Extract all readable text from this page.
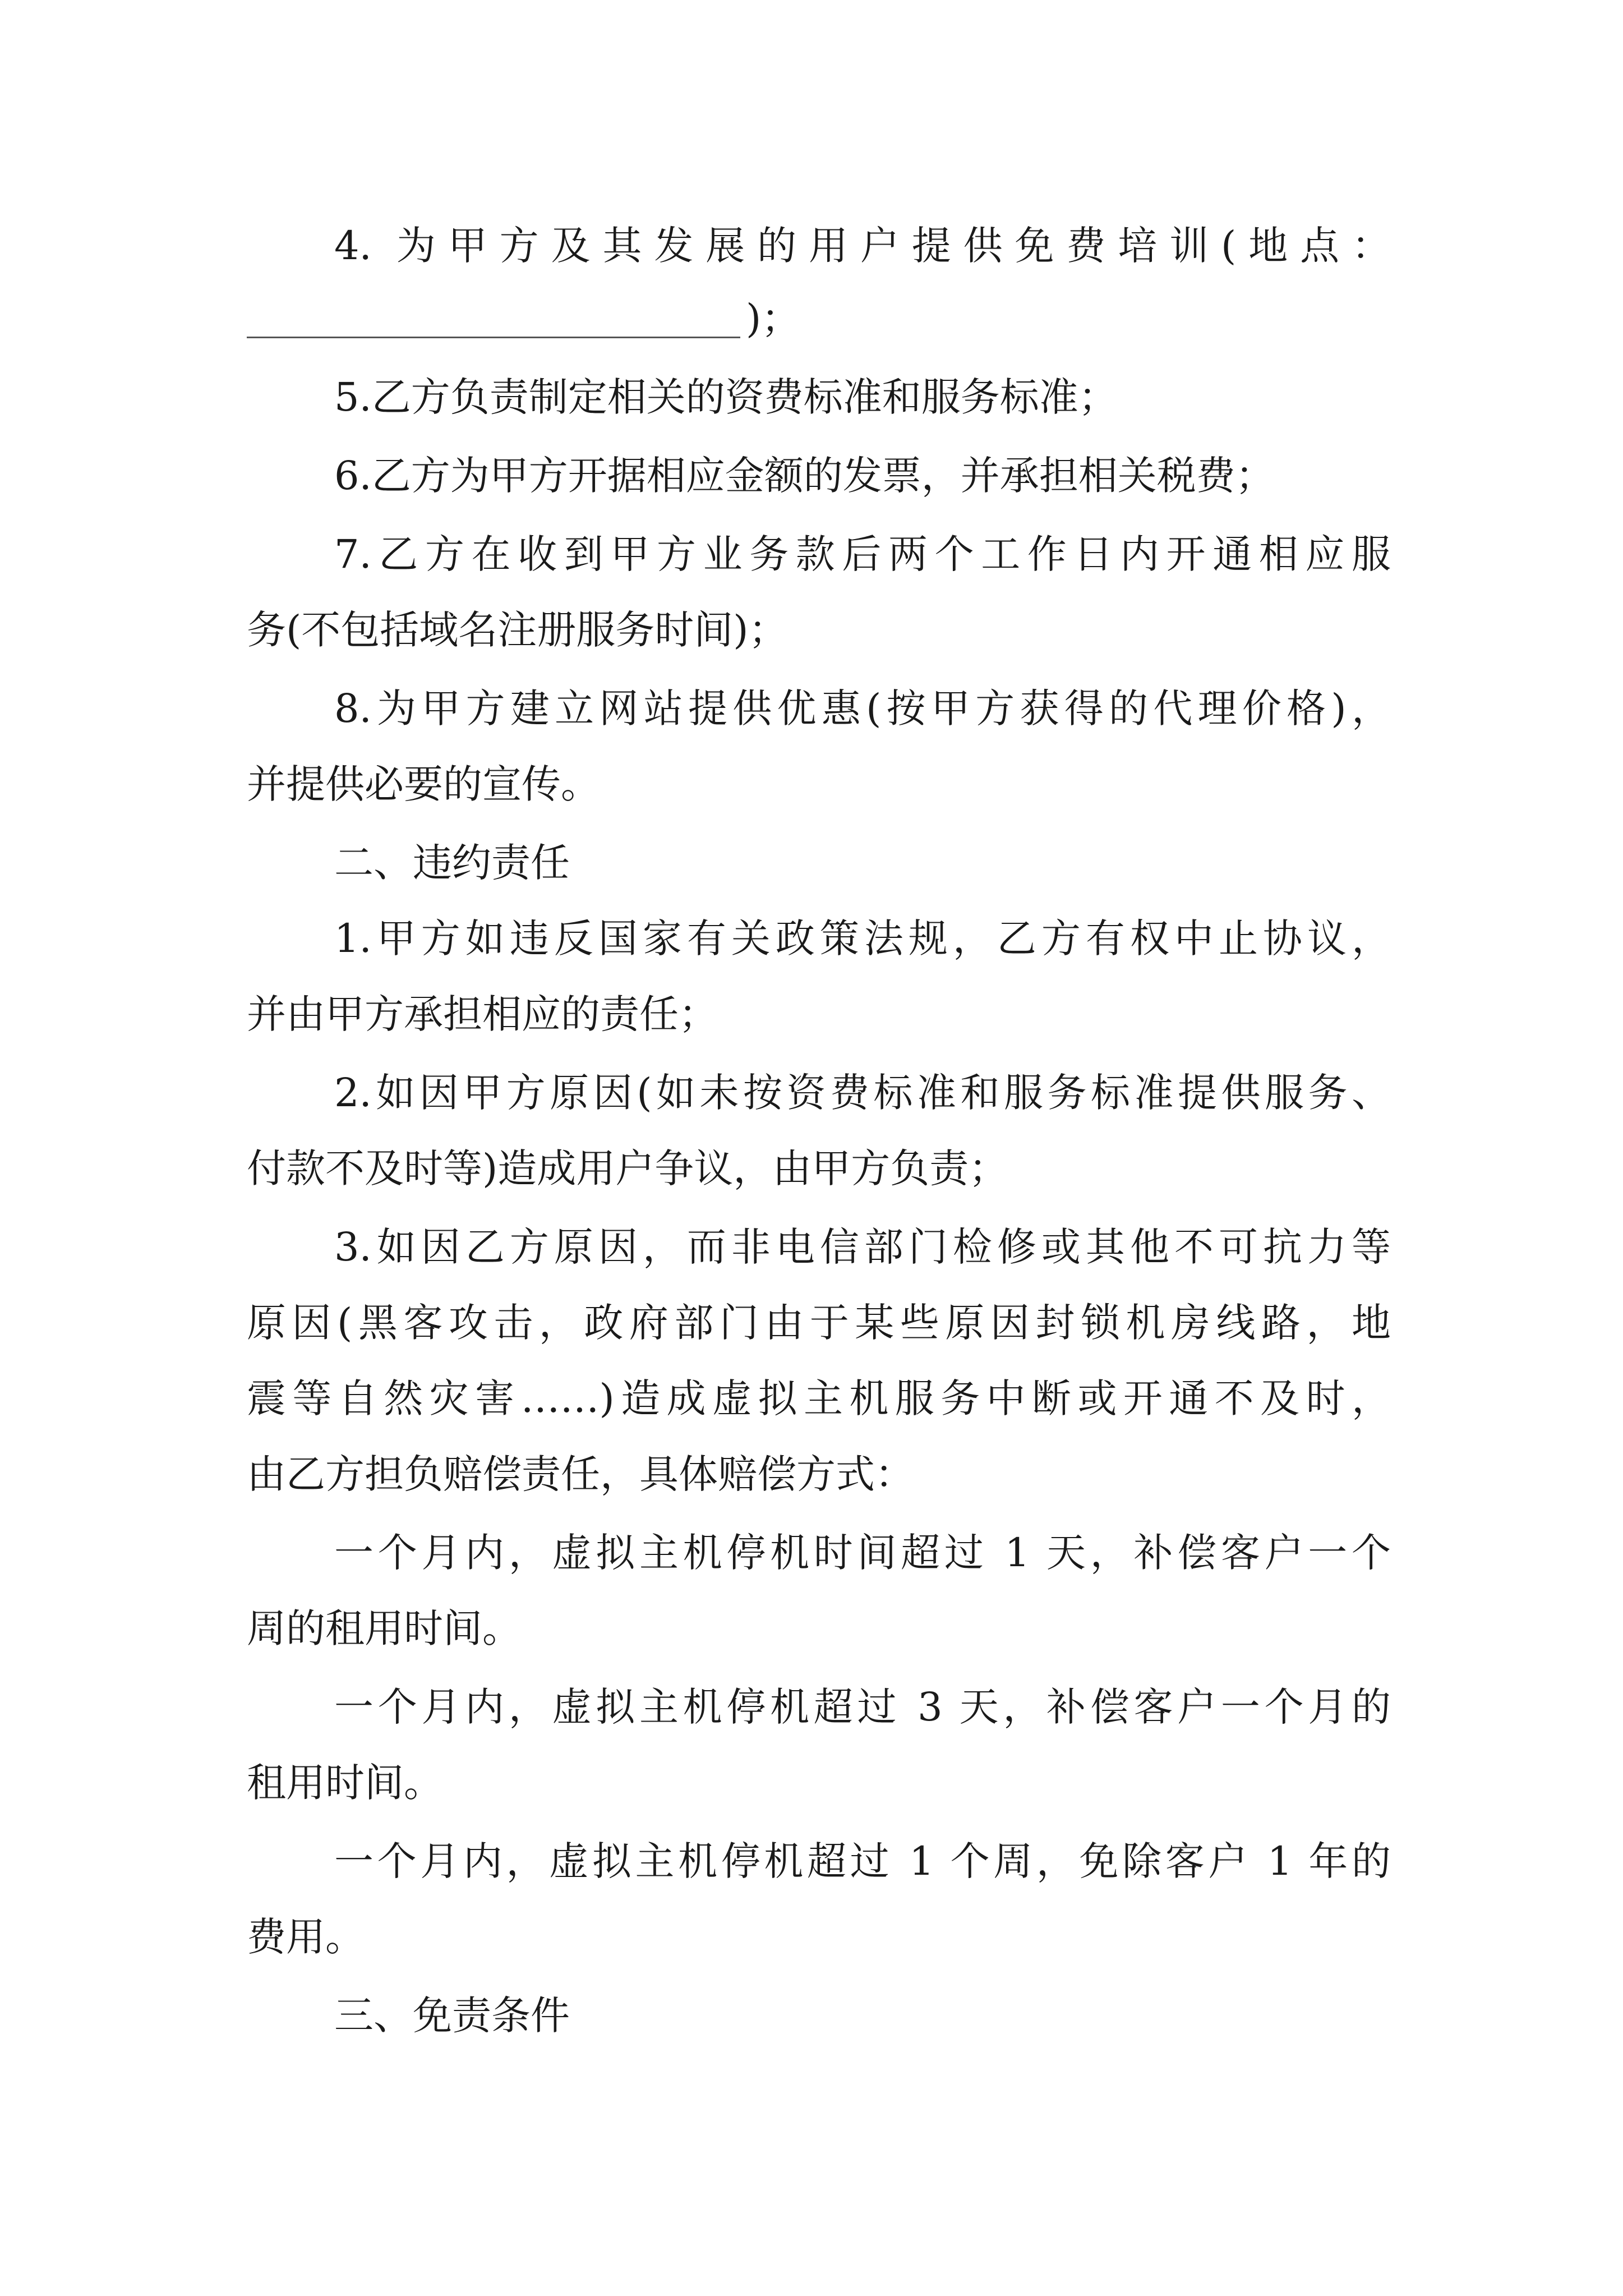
4. 为甲方及其发展的用户提供免费培训(地点：
)；
5.乙方负责制定相关的资费标准和服务标准；
6.乙方为甲方开据相应金额的发票，并承担相关税费；
7.乙方在收到甲方业务款后两个工作日内开通相应服
务(不包括域名注册服务时间)；
8.为甲方建立网站提供优惠(按甲方获得的代理价格)，
并提供必要的宣传。
二、违约责任
1.甲方如违反国家有关政策法规，乙方有权中止协议，
并由甲方承担相应的责任；
2.如因甲方原因(如未按资费标准和服务标准提供服务、
付款不及时等)造成用户争议，由甲方负责；
3.如因乙方原因，而非电信部门检修或其他不可抗力等
原因(黑客攻击，政府部门由于某些原因封锁机房线路，地
震等自然灾害……)造成虚拟主机服务中断或开通不及时，
由乙方担负赔偿责任，具体赔偿方式：
一个月内，虚拟主机停机时间超过 1 天，补偿客户一个
周的租用时间。
一个月内，虚拟主机停机超过 3 天，补偿客户一个月的
租用时间。
一个月内，虚拟主机停机超过 1 个周，免除客户 1 年的
费用。
三、免责条件
